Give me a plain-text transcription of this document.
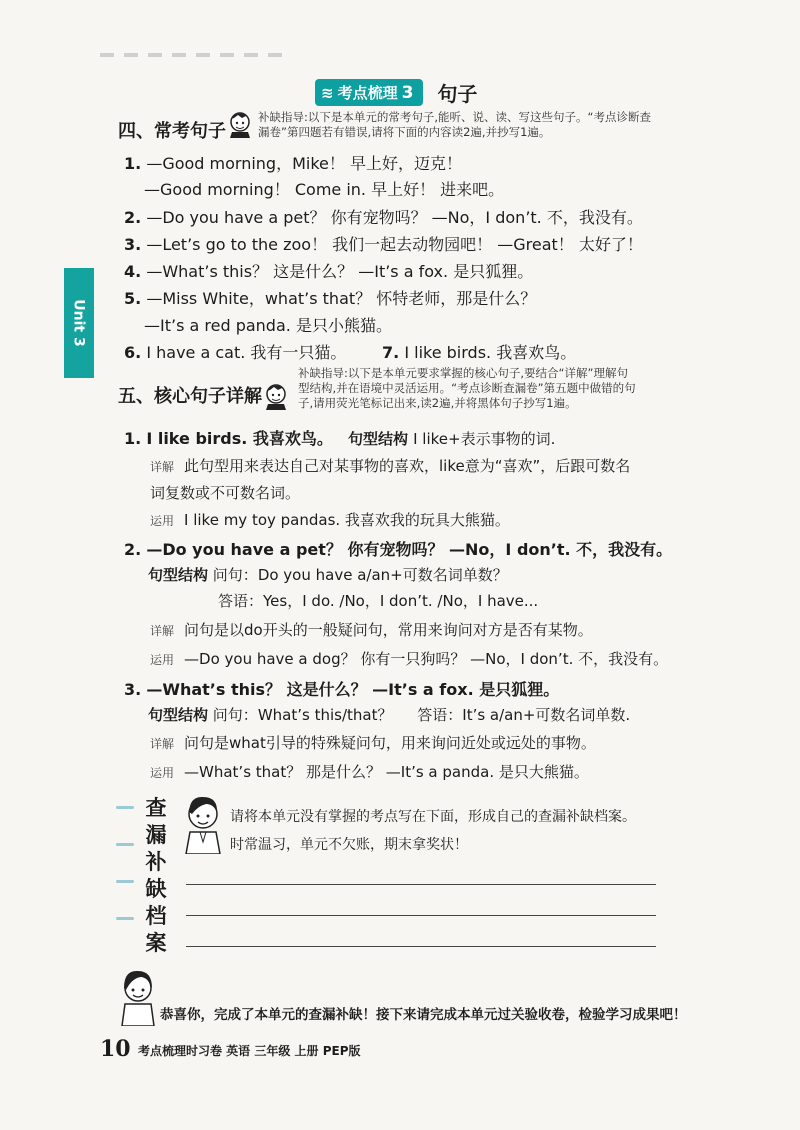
≋ 考点梳理 3 句子
Unit 3
四、常考句子
补缺指导:以下是本单元的常考句子,能听、说、读、写这些句子。“考点诊断查
漏卷”第四题若有错误,请将下面的内容读2遍,并抄写1遍。
1. —Good morning，Mike！ 早上好，迈克！
—Good morning！ Come in. 早上好！ 进来吧。
2. —Do you have a pet？ 你有宠物吗？ —No，I don’t. 不，我没有。
3. —Let’s go to the zoo！ 我们一起去动物园吧！ —Great！ 太好了！
4. —What’s this？ 这是什么？ —It’s a fox. 是只狐狸。
5. —Miss White，what’s that？ 怀特老师，那是什么？
—It’s a red panda. 是只小熊猫。
6. I have a cat. 我有一只猫。 7. I like birds. 我喜欢鸟。
五、核心句子详解
补缺指导:以下是本单元要求掌握的核心句子,要结合“详解”理解句
型结构,并在语境中灵活运用。“考点诊断查漏卷”第五题中做错的句
子,请用荧光笔标记出来,读2遍,并将黑体句子抄写1遍。
1. I like birds. 我喜欢鸟。 句型结构 I like+表示事物的词.
详解 此句型用来表达自己对某事物的喜欢，like意为“喜欢”，后跟可数名
词复数或不可数名词。
运用 I like my toy pandas. 我喜欢我的玩具大熊猫。
2. —Do you have a pet？ 你有宠物吗？ —No，I don’t. 不，我没有。
句型结构 问句：Do you have a/an+可数名词单数？
答语：Yes，I do. /No，I don’t. /No，I have...
详解 问句是以do开头的一般疑问句，常用来询问对方是否有某物。
运用 —Do you have a dog？ 你有一只狗吗？ —No，I don’t. 不，我没有。
3. —What’s this？ 这是什么？ —It’s a fox. 是只狐狸。
句型结构 问句：What’s this/that？ 答语：It’s a/an+可数名词单数.
详解 问句是what引导的特殊疑问句，用来询问近处或远处的事物。
运用 —What’s that？ 那是什么？ —It’s a panda. 是只大熊猫。
查
漏
补
缺
档
案
请将本单元没有掌握的考点写在下面，形成自己的查漏补缺档案。
时常温习，单元不欠账，期末拿奖状！
恭喜你，完成了本单元的查漏补缺！接下来请完成本单元过关验收卷，检验学习成果吧！
10 考点梳理时习卷 英语 三年级 上册 PEP版
